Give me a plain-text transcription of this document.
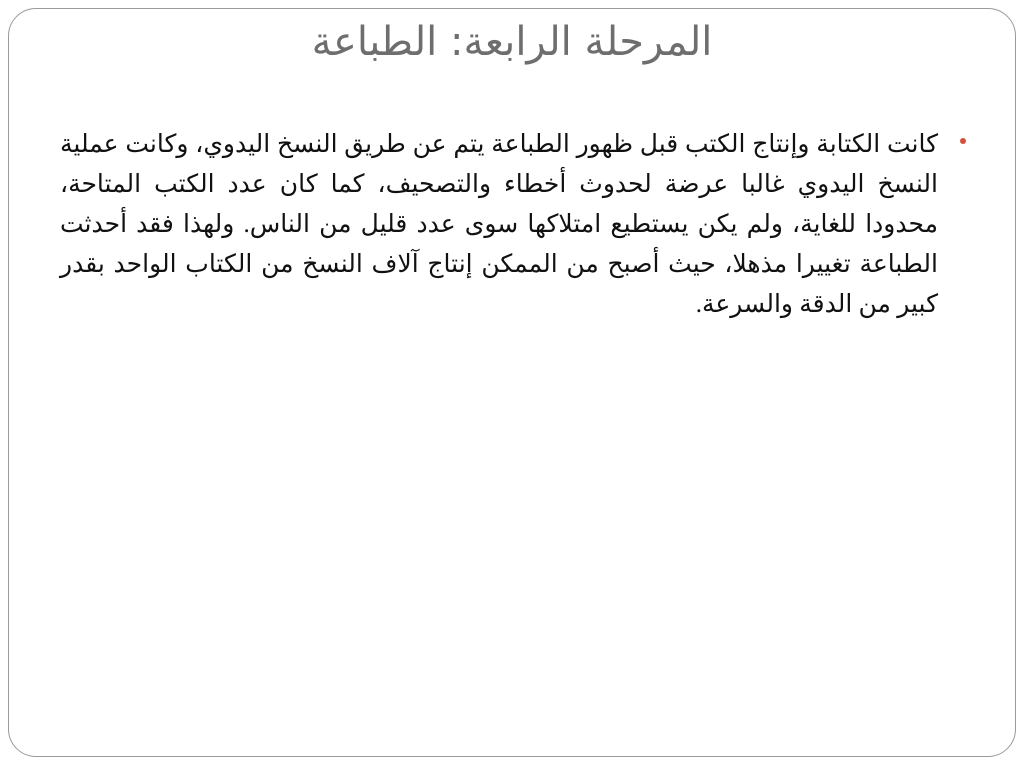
المرحلة الرابعة: الطباعة
كانت الكتابة وإنتاج الكتب قبل ظهور الطباعة يتم عن طريق النسخ اليدوي، وكانت عملية النسخ اليدوي غالبا عرضة لحدوث أخطاء والتصحيف، كما كان عدد الكتب المتاحة، محدودا للغاية، ولم يكن يستطيع امتلاكها سوى عدد قليل من الناس. ولهذا فقد أحدثت الطباعة تغييرا مذهلا، حيث أصبح من الممكن إنتاج آلاف النسخ من الكتاب الواحد بقدر كبير من الدقة والسرعة.
